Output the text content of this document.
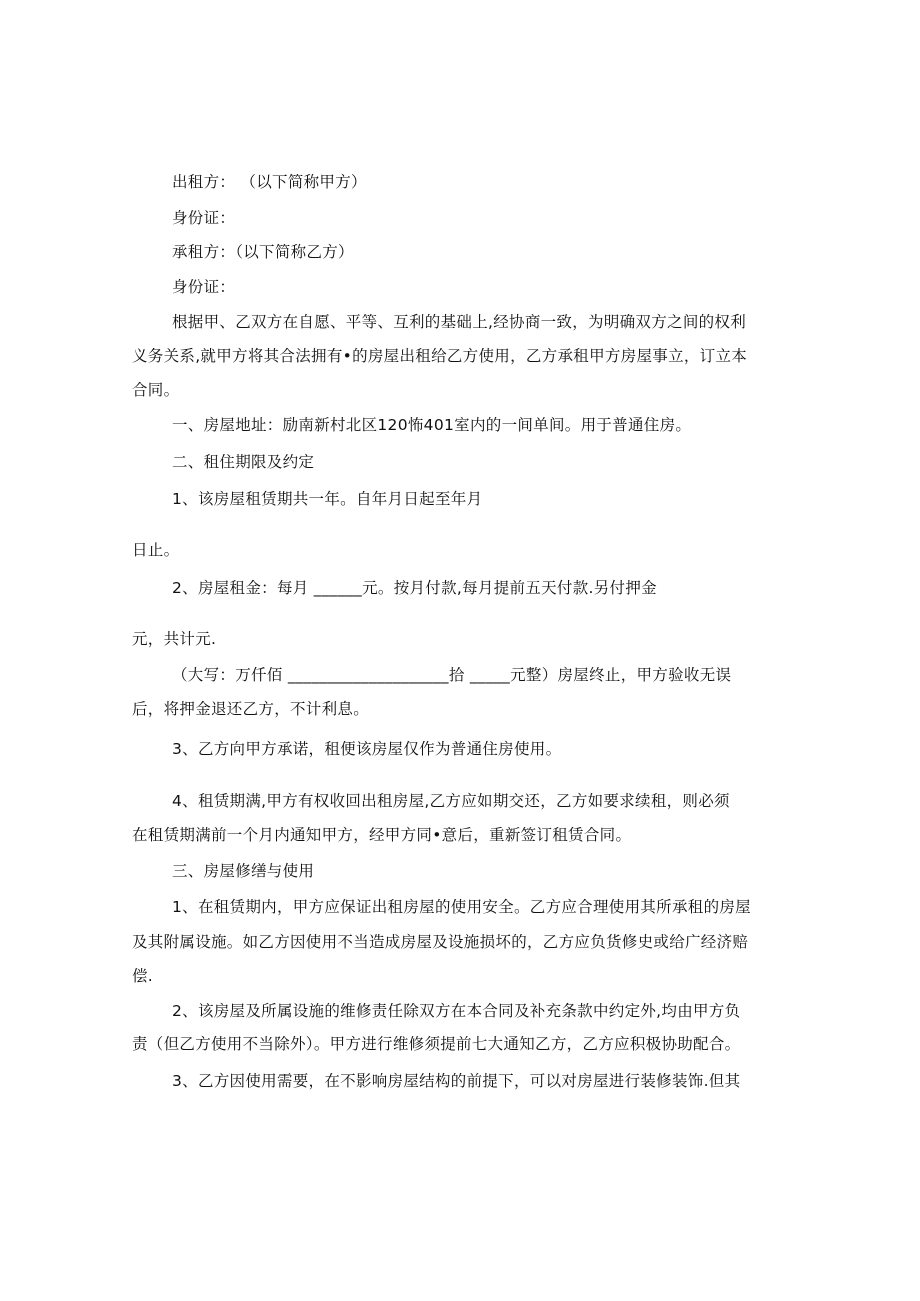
出租方： （以下简称甲方）
身份证：
承租方：（以下简称乙方）
身份证：
根据甲、乙双方在自愿、平等、互利的基础上,经协商一致，为明确双方之间的权利
义务关系,就甲方将其合法拥有•的房屋出租给乙方使用，乙方承租甲方房屋事立，订立本
合同。
一、房屋地址：励南新村北区120怖401室内的一间单间。用于普通住房。
二、租住期限及约定
1、该房屋租赁期共一年。自年月日起至年月
日止。
2、房屋租金：每月 ______元。按月付款,每月提前五天付款.另付押金
元，共计元.
（大写：万仟佰 ____________________拾 _____元整）房屋终止，甲方验收无误
后，将押金退还乙方，不计利息。
3、乙方向甲方承诺，租便该房屋仅作为普通住房使用。
4、租赁期满,甲方有权收回出租房屋,乙方应如期交还，乙方如要求续租，则必须
在租赁期满前一个月内通知甲方，经甲方同•意后，重新签订租赁合同。
三、房屋修缮与使用
1、在租赁期内，甲方应保证出租房屋的使用安全。乙方应合理使用其所承租的房屋
及其附属设施。如乙方因使用不当造成房屋及设施损坏的，乙方应负货修史或给广经济赔
偿.
2、该房屋及所属设施的维修责任除双方在本合同及补充条款中约定外,均由甲方负
责（但乙方使用不当除外）。甲方进行维修须提前七大通知乙方，乙方应积极协助配合。
3、乙方因使用需要，在不影响房屋结构的前提下，可以对房屋进行装修装饰.但其
